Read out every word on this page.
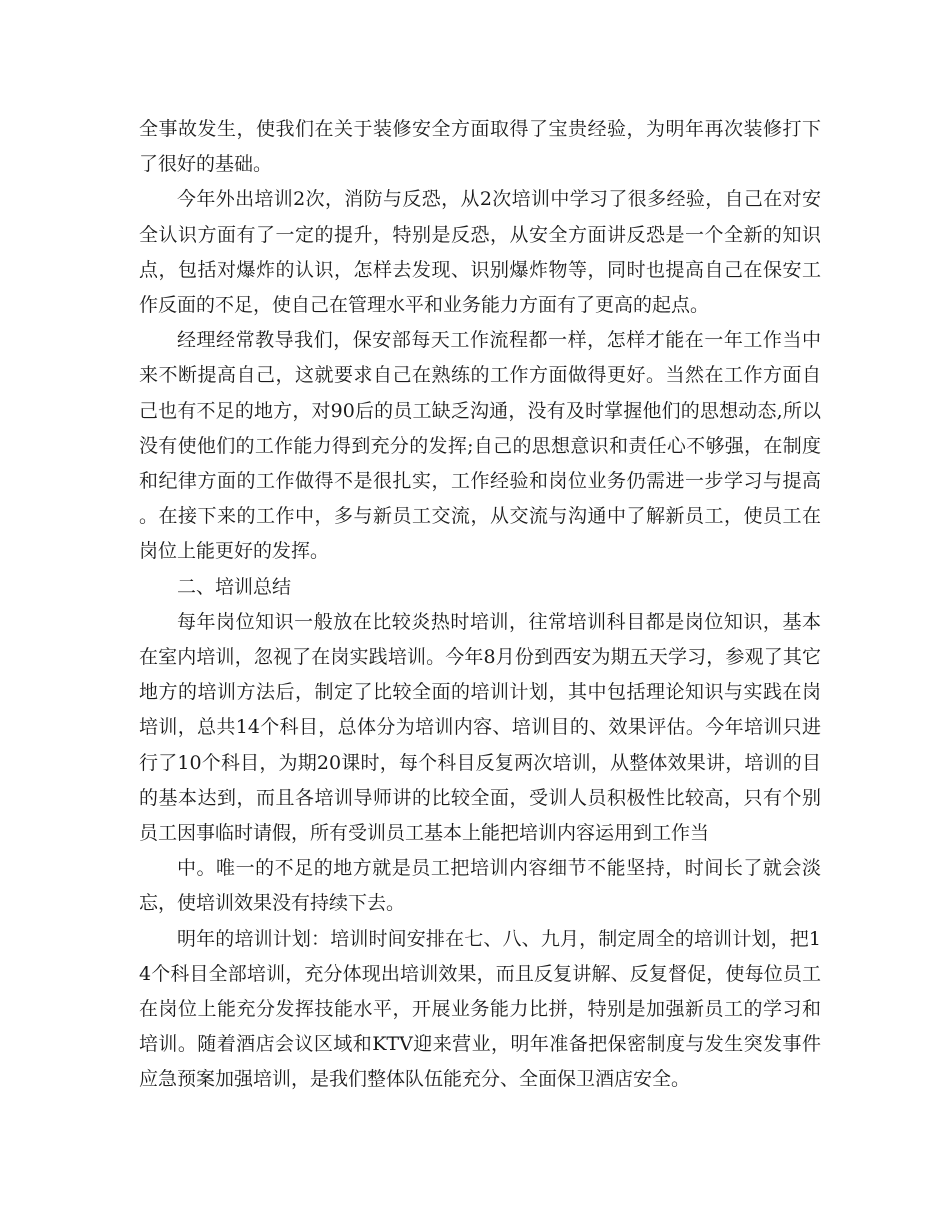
全事故发生，使我们在关于装修安全方面取得了宝贵经验，为明年再次装修打下了很好的基础。

今年外出培训2次，消防与反恐，从2次培训中学习了很多经验，自己在对安全认识方面有了一定的提升，特别是反恐，从安全方面讲反恐是一个全新的知识点，包括对爆炸的认识，怎样去发现、识别爆炸物等，同时也提高自己在保安工作反面的不足，使自己在管理水平和业务能力方面有了更高的起点。

经理经常教导我们，保安部每天工作流程都一样，怎样才能在一年工作当中来不断提高自己，这就要求自己在熟练的工作方面做得更好。当然在工作方面自己也有不足的地方，对90后的员工缺乏沟通，没有及时掌握他们的思想动态,所以没有使他们的工作能力得到充分的发挥;自己的思想意识和责任心不够强，在制度和纪律方面的工作做得不是很扎实，工作经验和岗位业务仍需进一步学习与提高。在接下来的工作中，多与新员工交流，从交流与沟通中了解新员工，使员工在岗位上能更好的发挥。

二、培训总结

每年岗位知识一般放在比较炎热时培训，往常培训科目都是岗位知识，基本在室内培训，忽视了在岗实践培训。今年8月份到西安为期五天学习，参观了其它地方的培训方法后，制定了比较全面的培训计划，其中包括理论知识与实践在岗培训，总共14个科目，总体分为培训内容、培训目的、效果评估。今年培训只进行了10个科目，为期20课时，每个科目反复两次培训，从整体效果讲，培训的目的基本达到，而且各培训导师讲的比较全面，受训人员积极性比较高，只有个别员工因事临时请假，所有受训员工基本上能把培训内容运用到工作当

中。唯一的不足的地方就是员工把培训内容细节不能坚持，时间长了就会淡忘，使培训效果没有持续下去。

明年的培训计划：培训时间安排在七、八、九月，制定周全的培训计划，把14个科目全部培训，充分体现出培训效果，而且反复讲解、反复督促，使每位员工在岗位上能充分发挥技能水平，开展业务能力比拼，特别是加强新员工的学习和培训。随着酒店会议区域和KTV迎来营业，明年准备把保密制度与发生突发事件应急预案加强培训，是我们整体队伍能充分、全面保卫酒店安全。
